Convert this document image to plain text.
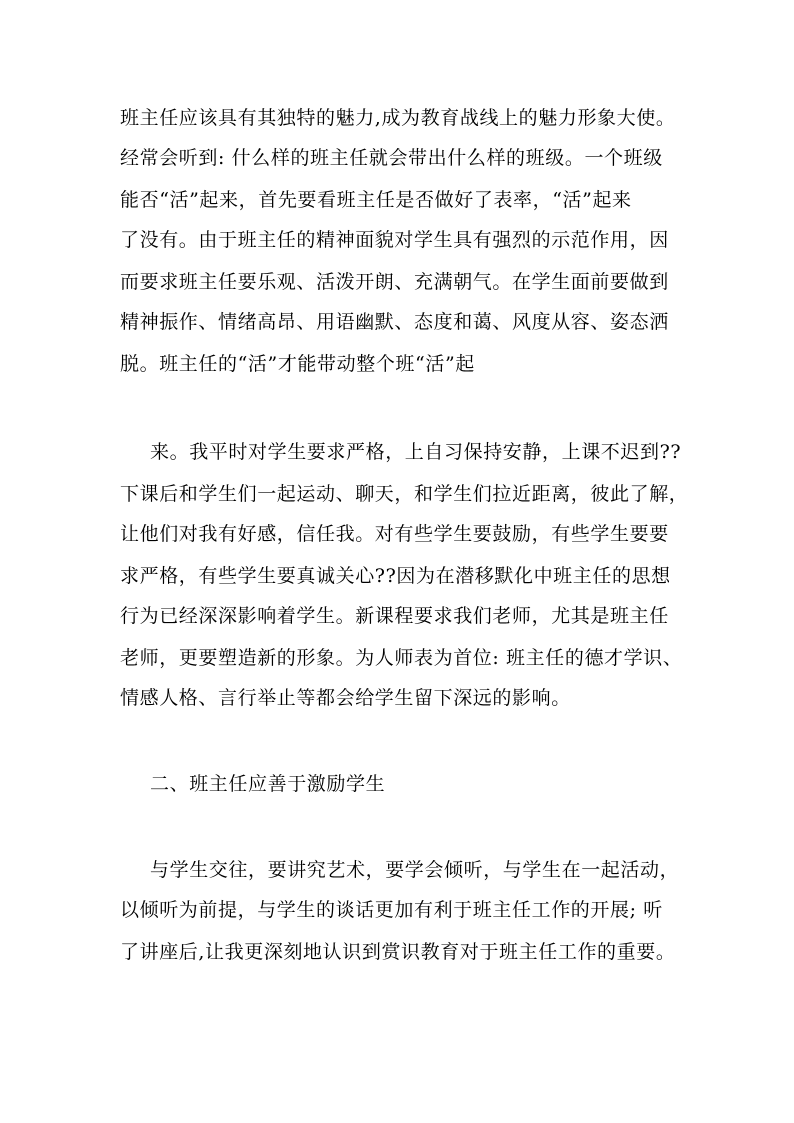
班主任应该具有其独特的魅力,成为教育战线上的魅力形象大使。
经常会听到: 什么样的班主任就会带出什么样的班级。一个班级
能否“活”起来，首先要看班主任是否做好了表率，“活”起来
了没有。由于班主任的精神面貌对学生具有强烈的示范作用，因
而要求班主任要乐观、活泼开朗、充满朝气。在学生面前要做到
精神振作、情绪高昂、用语幽默、态度和蔼、风度从容、姿态洒
脱。班主任的“活”才能带动整个班“活”起
来。我平时对学生要求严格，上自习保持安静，上课不迟到??
下课后和学生们一起运动、聊天，和学生们拉近距离，彼此了解，
让他们对我有好感，信任我。对有些学生要鼓励，有些学生要要
求严格，有些学生要真诚关心??因为在潜移默化中班主任的思想
行为已经深深影响着学生。新课程要求我们老师，尤其是班主任
老师，更要塑造新的形象。为人师表为首位: 班主任的德才学识、
情感人格、言行举止等都会给学生留下深远的影响。
二、班主任应善于激励学生
与学生交往，要讲究艺术，要学会倾听，与学生在一起活动，
以倾听为前提，与学生的谈话更加有利于班主任工作的开展; 听
了讲座后,让我更深刻地认识到赏识教育对于班主任工作的重要。
